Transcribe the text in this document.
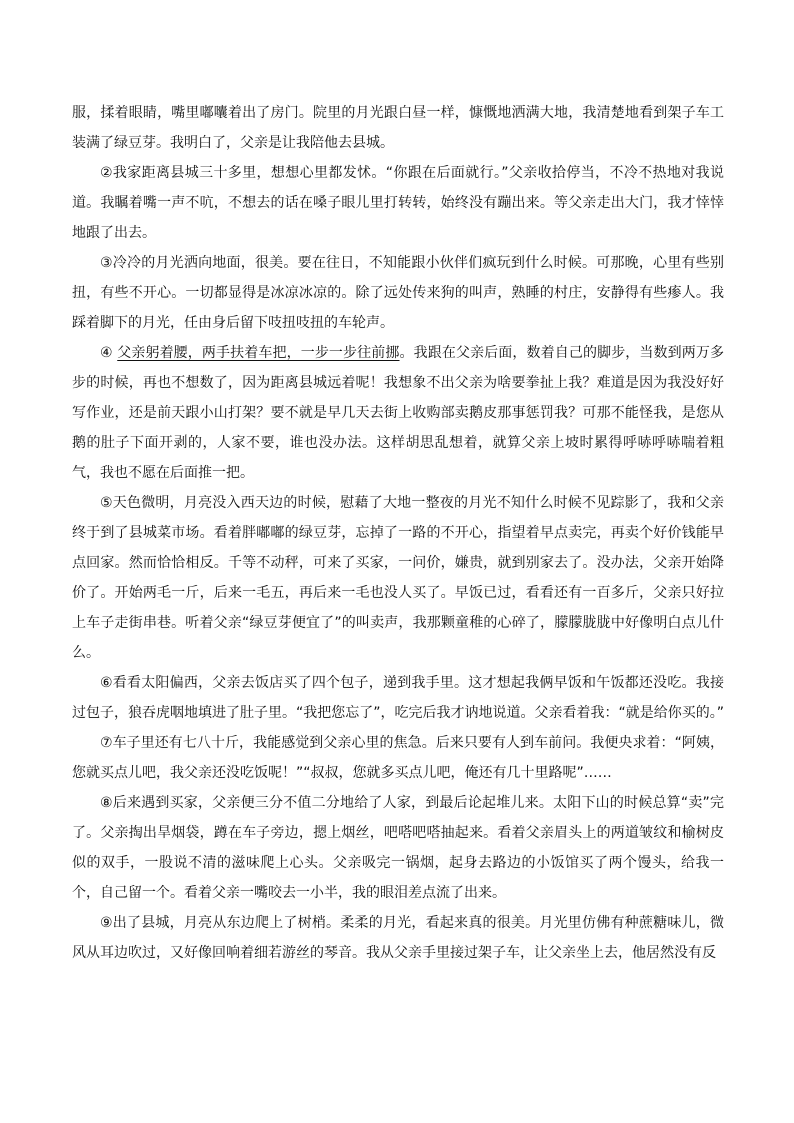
服，揉着眼睛，嘴里嘟囔着出了房门。院里的月光跟白昼一样，慷慨地洒满大地，我清楚地看到架子车工装满了绿豆芽。我明白了，父亲是让我陪他去县城。

②我家距离县城三十多里，想想心里都发怵。“你跟在后面就行。”父亲收拾停当，不冷不热地对我说道。我瞩着嘴一声不吭，不想去的话在嗓子眼儿里打转转，始终没有蹦出来。等父亲走出大门，我才悻悻地跟了出去。

③冷冷的月光洒向地面，很美。要在往日，不知能跟小伙伴们疯玩到什么时候。可那晚，心里有些别扭，有些不开心。一切都显得是冰凉冰凉的。除了远处传来狗的叫声，熟睡的村庄，安静得有些瘆人。我踩着脚下的月光，任由身后留下吱扭吱扭的车轮声。

④ 父亲躬着腰，两手扶着车把，一步一步往前挪。我跟在父亲后面，数着自己的脚步，当数到两万多步的时候，再也不想数了，因为距离县城远着呢！我想象不出父亲为啥要拳扯上我？难道是因为我没好好写作业，还是前天跟小山打架？要不就是早几天去街上收购部卖鹅皮那事惩罚我？可那不能怪我，是您从鹅的肚子下面开剥的，人家不要，谁也没办法。这样胡思乱想着，就算父亲上坡时累得呼哧呼哧喘着粗气，我也不愿在后面推一把。

⑤天色微明，月亮没入西天边的时候，慰藉了大地一整夜的月光不知什么时候不见踪影了，我和父亲终于到了县城菜市场。看着胖嘟嘟的绿豆芽，忘掉了一路的不开心，指望着早点卖完，再卖个好价钱能早点回家。然而恰恰相反。千等不动秤，可来了买家，一问价，嫌贵，就到别家去了。没办法，父亲开始降价了。开始两毛一斤，后来一毛五，再后来一毛也没人买了。早饭已过，看看还有一百多斤，父亲只好拉上车子走街串巷。听着父亲“绿豆芽便宜了”的叫卖声，我那颗童稚的心碎了，朦朦胧胧中好像明白点儿什么。

⑥看看太阳偏西，父亲去饭店买了四个包子，递到我手里。这才想起我俩早饭和午饭都还没吃。我接过包子，狼吞虎咽地填进了肚子里。“我把您忘了”，吃完后我才讷地说道。父亲看着我：“就是给你买的。”

⑦车子里还有七八十斤，我能感觉到父亲心里的焦急。后来只要有人到车前问。我便央求着：“阿姨，您就买点儿吧，我父亲还没吃饭呢！”“叔叔，您就多买点儿吧，俺还有几十里路呢”……

⑧后来遇到买家，父亲便三分不值二分地给了人家，到最后论起堆儿来。太阳下山的时候总算“卖”完了。父亲掏出旱烟袋，蹲在车子旁边，摁上烟丝，吧嗒吧嗒抽起来。看着父亲眉头上的两道皱纹和榆树皮似的双手，一股说不清的滋味爬上心头。父亲吸完一锅烟，起身去路边的小饭馆买了两个馒头，给我一个，自己留一个。看着父亲一嘴咬去一小半，我的眼泪差点流了出来。

⑨出了县城，月亮从东边爬上了树梢。柔柔的月光，看起来真的很美。月光里仿佛有种蔗糖味儿，微风从耳边吹过，又好像回响着细若游丝的琴音。我从父亲手里接过架子车，让父亲坐上去，他居然没有反
